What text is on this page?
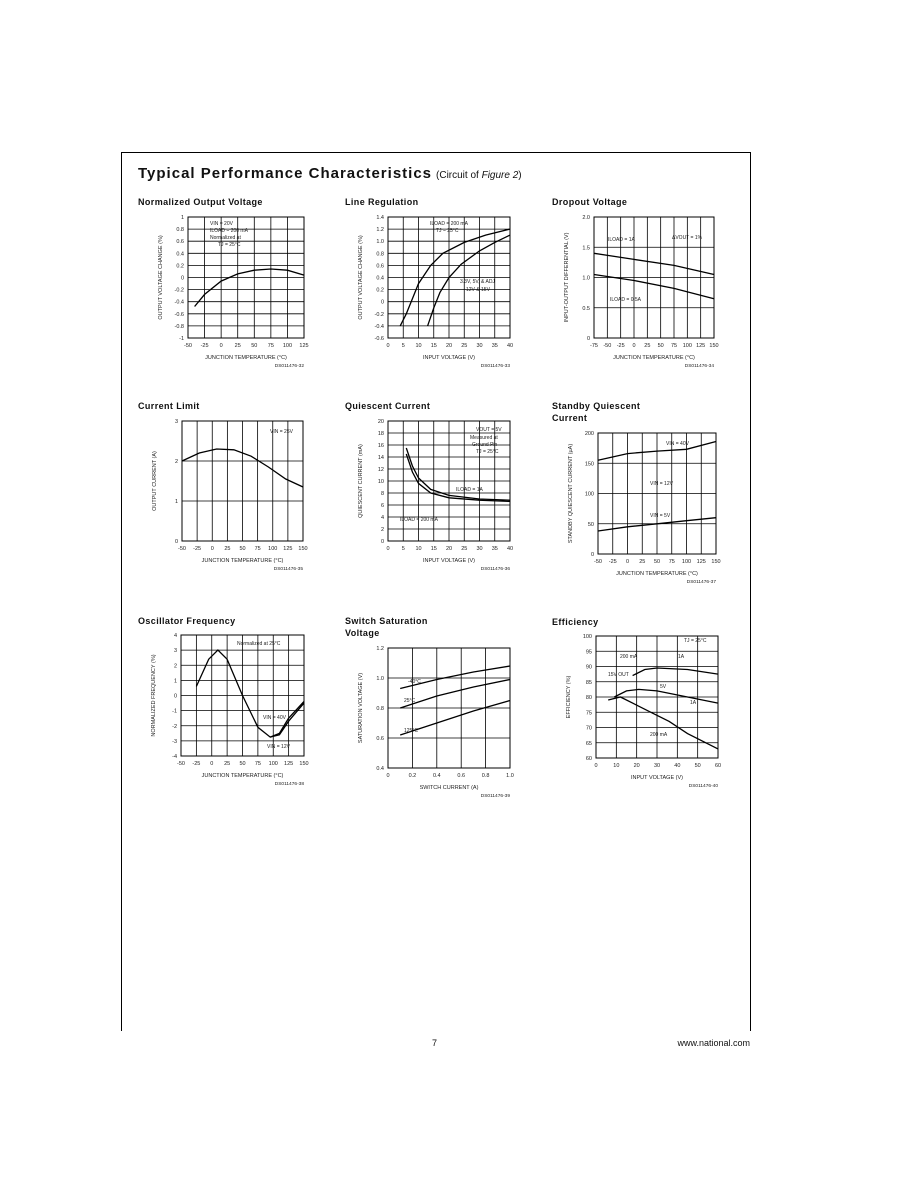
Typical Performance Characteristics (Circuit of Figure 2)
Normalized Output Voltage	Line Regulation	Dropout Voltage
Current Limit	Quiescent Current	Standby Quiescent Current
Oscillator Frequency	Switch Saturation Voltage
Efficiency
-50 -25 0 25 50 75 100 125
-1
-0.8
-0.6
-0.4
-0.2
0
0.2
0.4
0.6
0.8
1
JUNCTION TEMPERATURE (°C)
OUTPUT VOLTAGE CHANGE (%)
DS011476-32
VIN = 20V
ILOAD = 200 mA
Normalized at
TJ = 25°C
0 5 10 15 20 25 30 35 40
-0.6
-0.4
-0.2
0
0.2
0.4
0.6
0.8
1.0
1.2
1.4
INPUT VOLTAGE (V)
OUTPUT VOLTAGE CHANGE (%)
DS011476-33
ILOAD = 200 mA
TJ = 25°C
3.3V, 5V, & ADJ
12V & 15V
-75 -50 -25 0 25 50 75 100 125 150
0
0.5
1.0
1.5
2.0
JUNCTION TEMPERATURE (°C)
INPUT-OUTPUT DIFFERENTIAL (V)
DS011476-34
ILOAD = 1A	ΔVOUT = 1%
ILOAD = 0.5A
-50 -25 0 25 50 75 100 125 150
0
1
2
3
JUNCTION TEMPERATURE (°C)
OUTPUT CURRENT (A)
DS011476-35
VIN = 25V
0 5 10 15 20 25 30 35 40
0
2
4
6
8
10
12
14
16
18
20
INPUT VOLTAGE (V)
QUIESCENT CURRENT (mA)
DS011476-36
VOUT = 5V
Measured at
Ground Pin
TJ = 25°C
ILOAD = 1A
ILOAD = 200 mA
-50 -25 0 25 50 75 100 125 150
0
50
100
150
200
JUNCTION TEMPERATURE (°C)
STANDBY QUIESCENT CURRENT (µA)
DS011476-37
VIN = 40V
VIN = 12V
VIN = 5V
-50 -25 0 25 50 75 100 125 150
-4
-3
-2
-1
0
1
2
3
4
JUNCTION TEMPERATURE (°C)
NORMALIZED FREQUENCY (%)
DS011476-38
Normalized at 25°C
VIN = 40V
VIN = 12V
0	0.2	0.4	0.6	0.8	1.0
0.4
0.6
0.8
1.0
1.2
SWITCH CURRENT (A)
SATURATION VOLTAGE (V)
DS011476-39
-40°C
25°C
125°C
0	10	20	30	40	50	60
60
65
70
75
80
85
90
95
100
INPUT VOLTAGE (V)
EFFICIENCY (%)
DS011476-40
TJ = 25°C
200 mA	1A
15V OUT
5V
1A
200 mA
7	www.national.com
